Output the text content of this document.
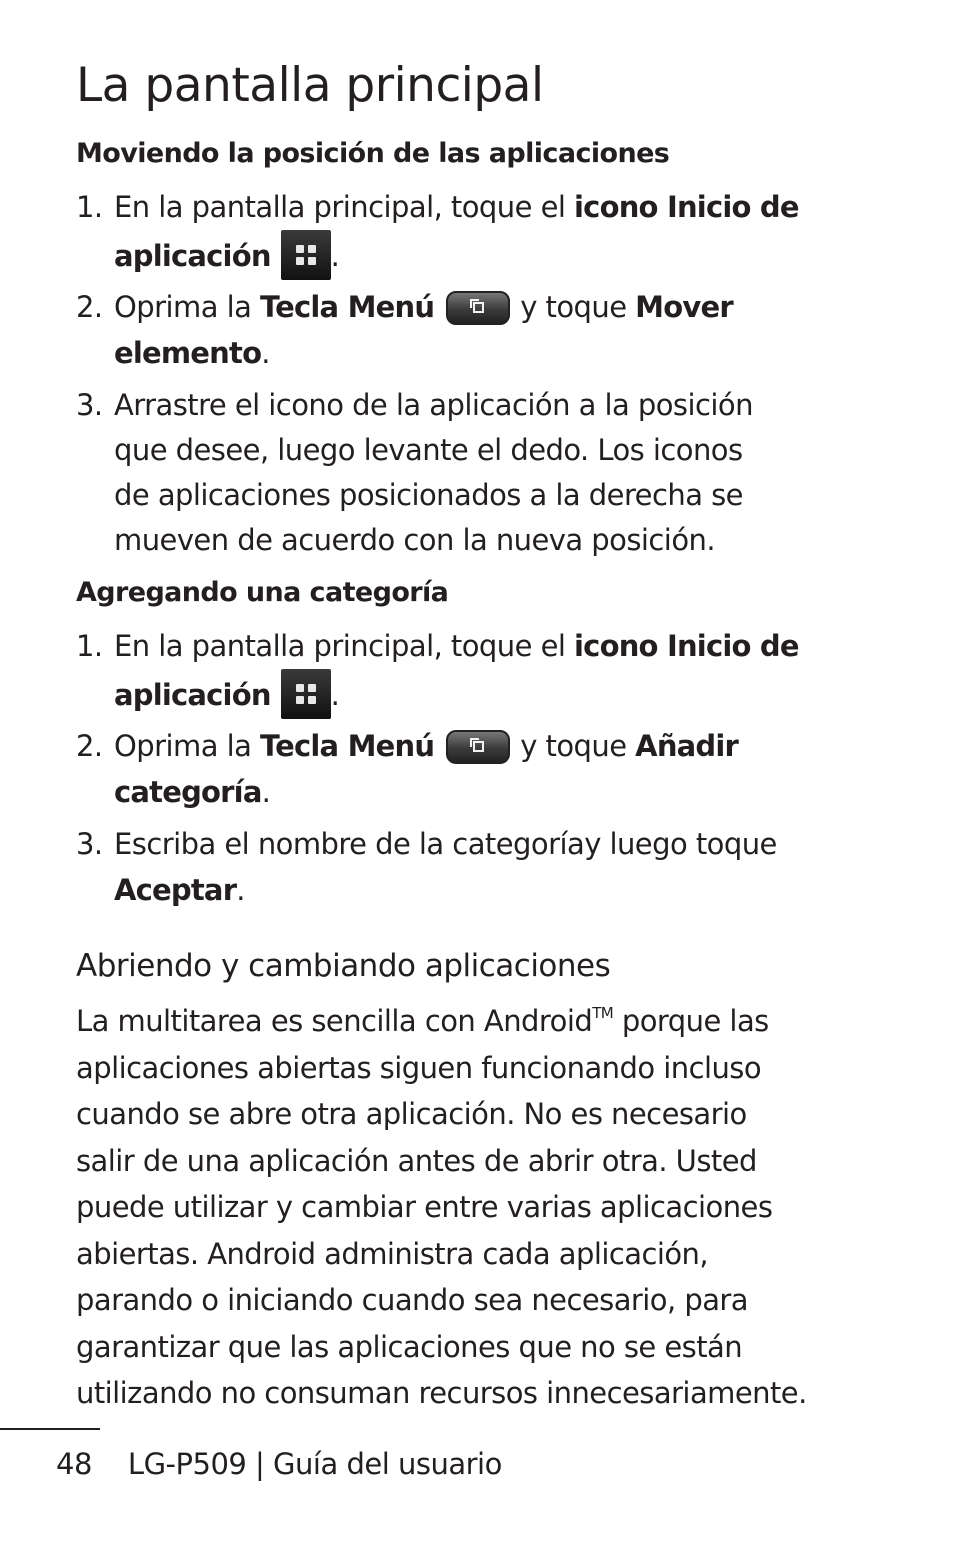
La pantalla principal
Moviendo la posición de las aplicaciones
1. En la pantalla principal, toque el icono Inicio de
aplicación .
2. Oprima la Tecla Menú	y toque Mover
elemento.
3. Arrastre el icono de la aplicación a la posición
que desee, luego levante el dedo. Los iconos
de aplicaciones posicionados a la derecha se
mueven de acuerdo con la nueva posición.
Agregando una categoría
1. En la pantalla principal, toque el icono Inicio de
aplicación .
2. Oprima la Tecla Menú	y toque Añadir
categoría.
3. Escriba el nombre de la categoríay luego toque
Aceptar.
Abriendo y cambiando aplicaciones
La multitarea es sencilla con Android™ porque las
aplicaciones abiertas siguen funcionando incluso
cuando se abre otra aplicación. No es necesario
salir de una aplicación antes de abrir otra. Usted
puede utilizar y cambiar entre varias aplicaciones
abiertas. Android administra cada aplicación,
parando o iniciando cuando sea necesario, para
garantizar que las aplicaciones que no se están
utilizando no consuman recursos innecesariamente.
48 LG-P509 | Guía del usuario
